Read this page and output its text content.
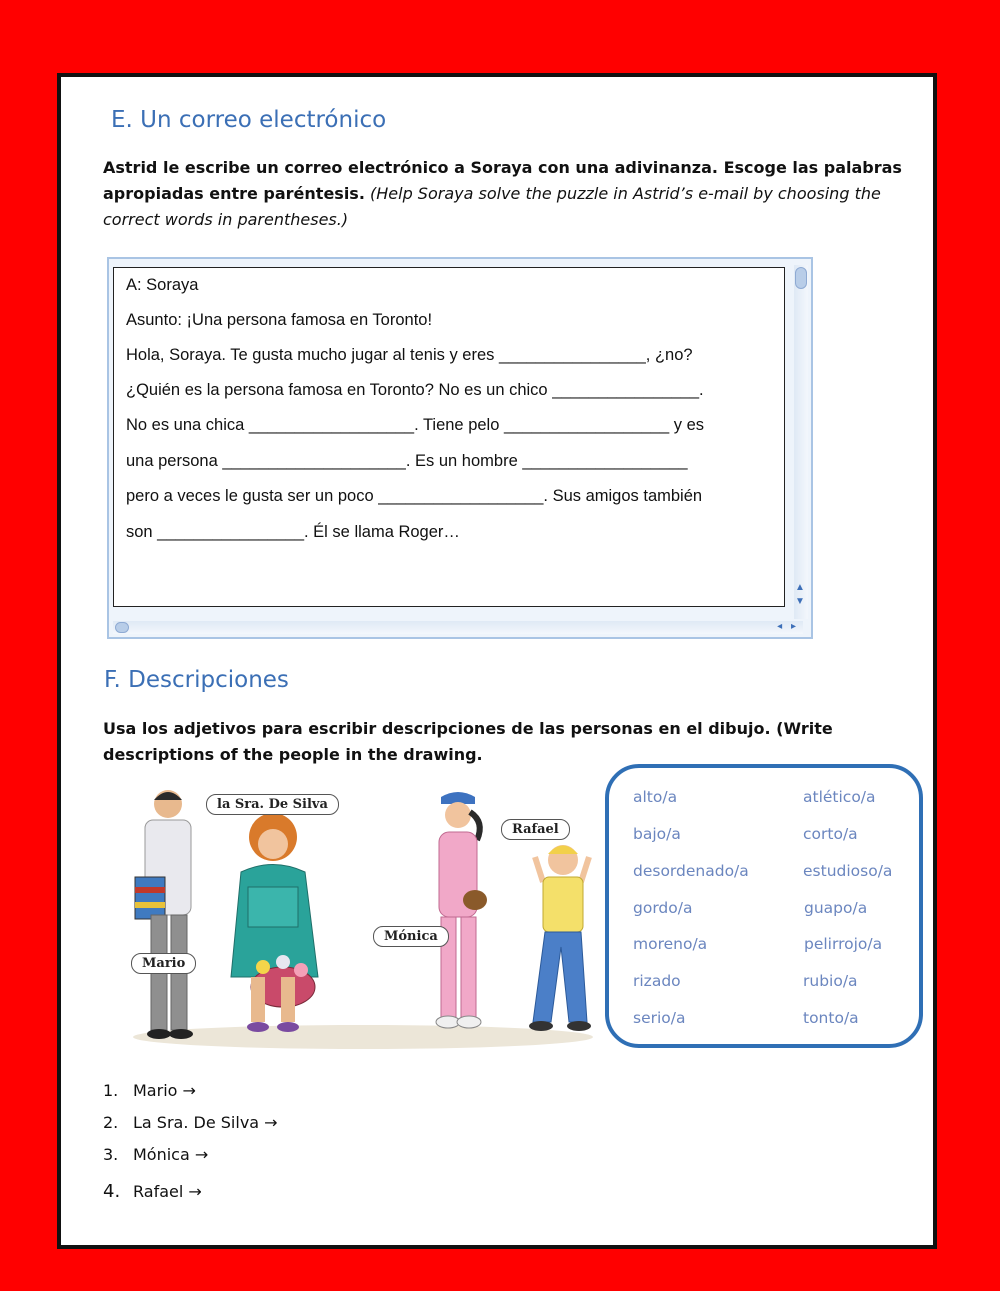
E. Un correo electrónico
Astrid le escribe un correo electrónico a Soraya con una adivinanza. Escoge las palabras apropiadas entre paréntesis. (Help Soraya solve the puzzle in Astrid’s e-mail by choosing the correct words in parentheses.)
A: Soraya
Asunto: ¡Una persona famosa en Toronto!
Hola, Soraya. Te gusta mucho jugar al tenis y eres ________________, ¿no?
¿Quién es la persona famosa en Toronto? No es un chico ________________.
No es una chica __________________. Tiene pelo __________________ y es
una persona ____________________. Es un hombre __________________
pero a veces le gusta ser un poco __________________. Sus amigos también
son ________________. Él se llama Roger…
▲
▼
◂ ▸
F. Descripciones
Usa los adjetivos para escribir descripciones de las personas en el dibujo. (Write descriptions of the people in the drawing.
la Sra. De Silva
Rafael
Mónica
Mario
alto/a
bajo/a
desordenado/a
gordo/a
moreno/a
rizado
serio/a
atlético/a
corto/a
estudioso/a
guapo/a
pelirrojo/a
rubio/a
tonto/a
1. Mario →
2. La Sra. De Silva →
3. Mónica →
4. Rafael →
